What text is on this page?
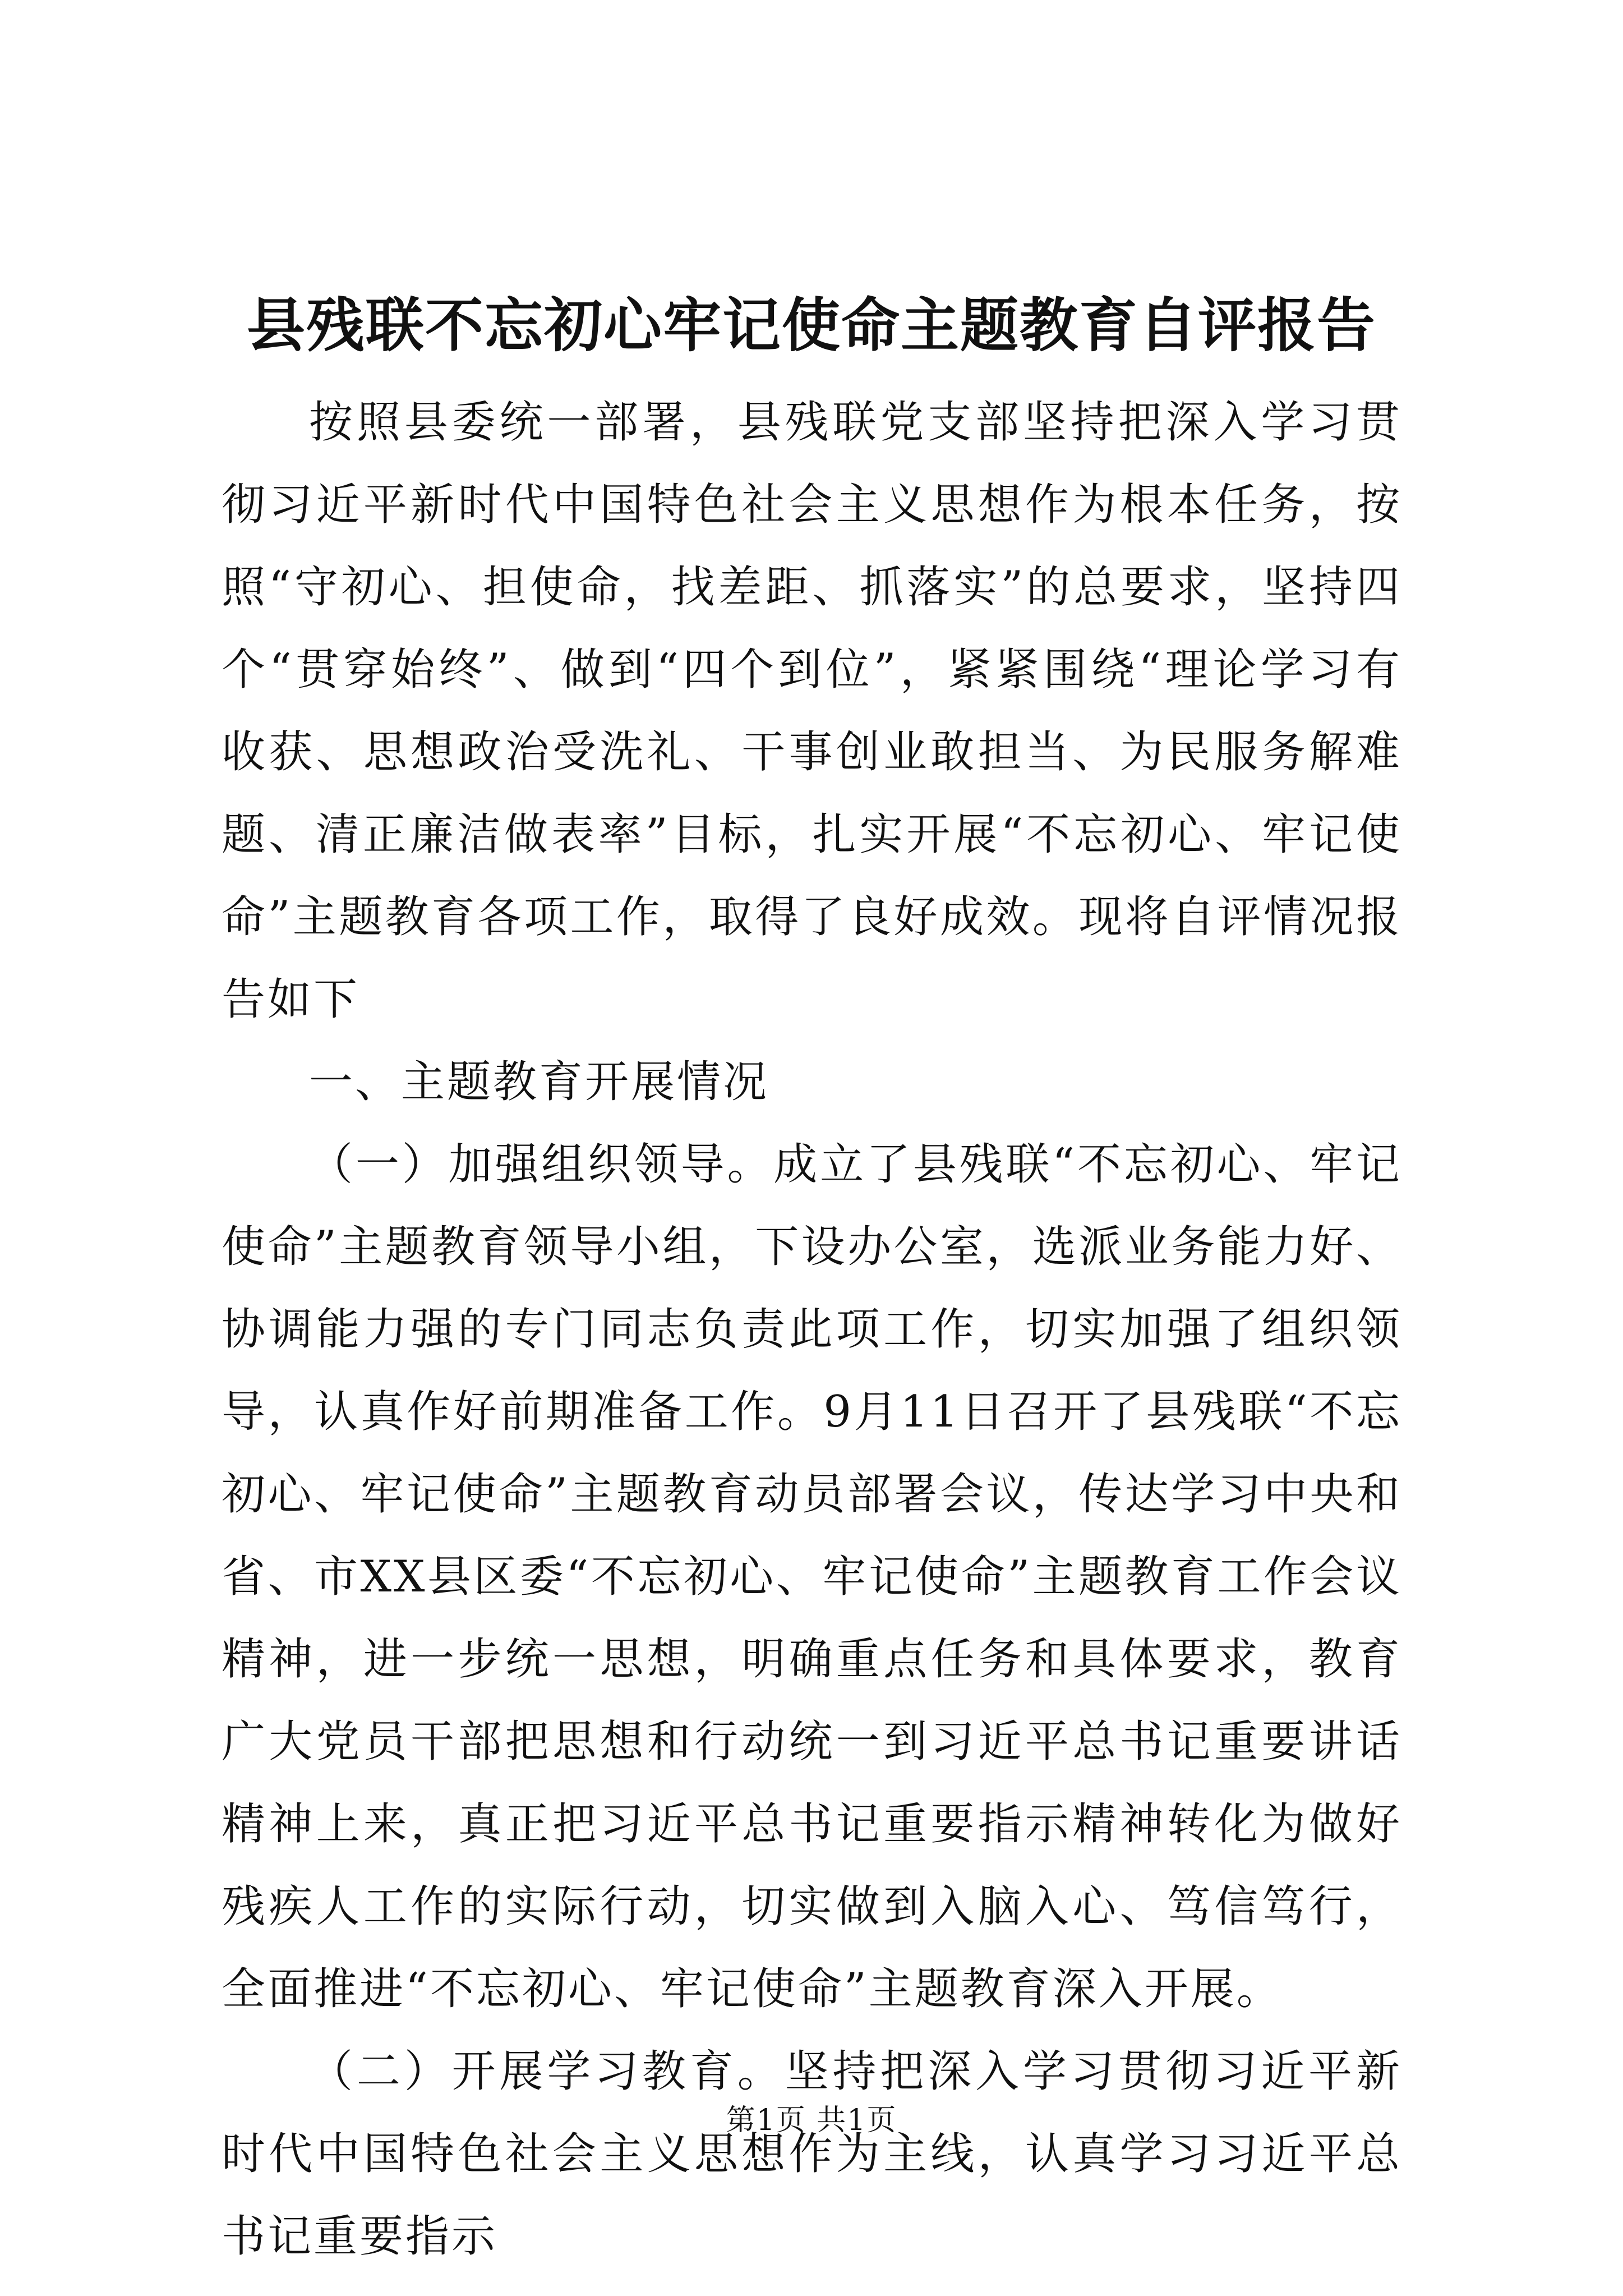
县残联不忘初心牢记使命主题教育自评报告

按照县委统一部署，县残联党支部坚持把深入学习贯彻习近平新时代中国特色社会主义思想作为根本任务，按照“守初心、担使命，找差距、抓落实”的总要求，坚持四个“贯穿始终”、做到“四个到位”，紧紧围绕“理论学习有收获、思想政治受洗礼、干事创业敢担当、为民服务解难题、清正廉洁做表率”目标，扎实开展“不忘初心、牢记使命”主题教育各项工作，取得了良好成效。现将自评情况报告如下

一、主题教育开展情况

（一）加强组织领导。成立了县残联“不忘初心、牢记使命”主题教育领导小组，下设办公室，选派业务能力好、协调能力强的专门同志负责此项工作，切实加强了组织领导，认真作好前期准备工作。9月11日召开了县残联“不忘初心、牢记使命”主题教育动员部署会议，传达学习中央和省、市XX县区委“不忘初心、牢记使命”主题教育工作会议精神，进一步统一思想，明确重点任务和具体要求，教育广大党员干部把思想和行动统一到习近平总书记重要讲话精神上来，真正把习近平总书记重要指示精神转化为做好残疾人工作的实际行动，切实做到入脑入心、笃信笃行，全面推进“不忘初心、牢记使命”主题教育深入开展。

（二）开展学习教育。坚持把深入学习贯彻习近平新时代中国特色社会主义思想作为主线，认真学习习近平总书记重要指示

第1页 共1页
